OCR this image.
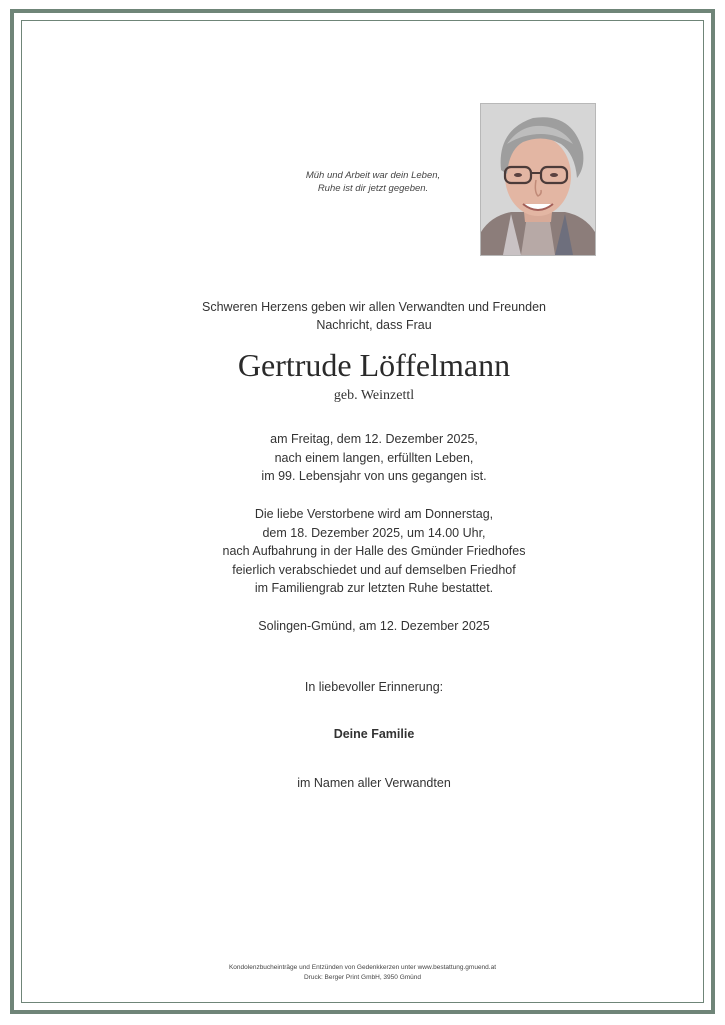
Müh und Arbeit war dein Leben,
Ruhe ist dir jetzt gegeben.
Schweren Herzens geben wir allen Verwandten und Freunden
Nachricht, dass Frau
Gertrude Löffelmann
geb. Weinzettl
am Freitag, dem 12. Dezember 2025,
nach einem langen, erfüllten Leben,
im 99. Lebensjahr von uns gegangen ist.
Die liebe Verstorbene wird am Donnerstag,
dem 18. Dezember 2025, um 14.00 Uhr,
nach Aufbahrung in der Halle des Gmünder Friedhofes
feierlich verabschiedet und auf demselben Friedhof
im Familiengrab zur letzten Ruhe bestattet.
Solingen-Gmünd, am 12. Dezember 2025
In liebevoller Erinnerung:
Deine Familie
im Namen aller Verwandten
Kondolenzbucheinträge und Entzünden von Gedenkkerzen unter www.bestattung.gmuend.at
Druck: Berger Print GmbH, 3950 Gmünd
